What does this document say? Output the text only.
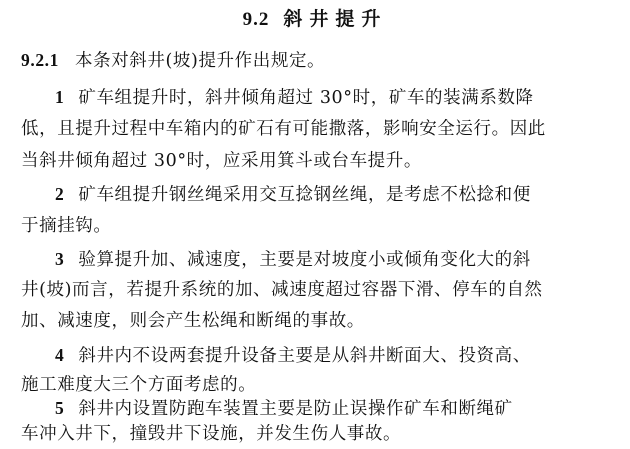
9.2 斜井提升
9.2.1 本条对斜井(坡)提升作出规定。
1 矿车组提升时，斜井倾角超过 30°时，矿车的装满系数降
低，且提升过程中车箱内的矿石有可能撒落，影响安全运行。因此
当斜井倾角超过 30°时，应采用箕斗或台车提升。
2 矿车组提升钢丝绳采用交互捻钢丝绳，是考虑不松捻和便
于摘挂钩。
3 验算提升加、减速度，主要是对坡度小或倾角变化大的斜
井(坡)而言，若提升系统的加、减速度超过容器下滑、停车的自然
加、减速度，则会产生松绳和断绳的事故。
4 斜井内不设两套提升设备主要是从斜井断面大、投资高、
施工难度大三个方面考虑的。
5 斜井内设置防跑车装置主要是防止误操作矿车和断绳矿
车冲入井下，撞毁井下设施，并发生伤人事故。
